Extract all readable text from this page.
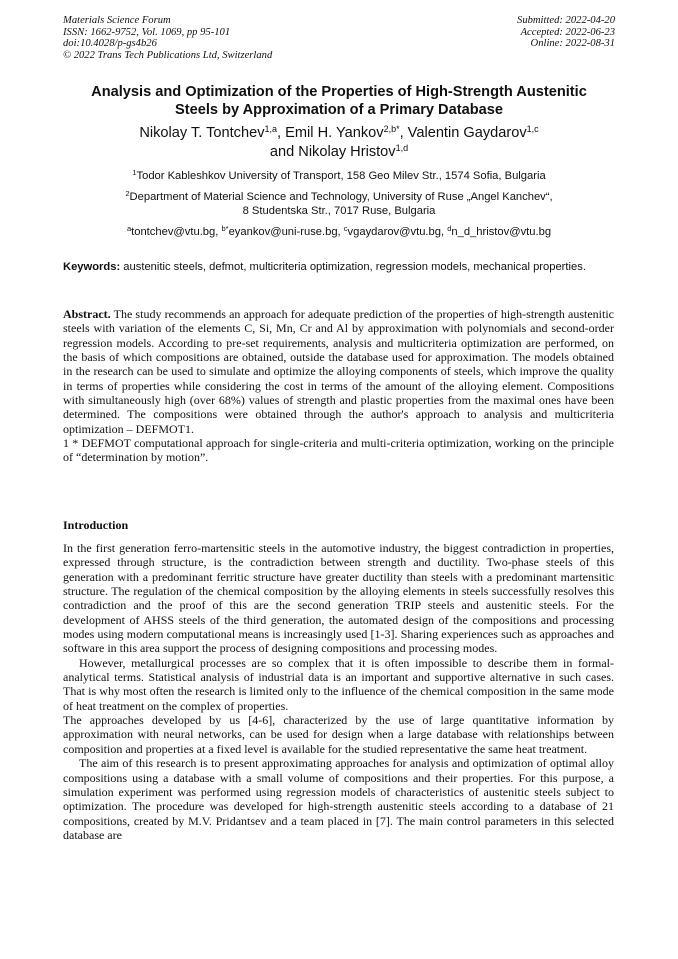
Materials Science Forum
ISSN: 1662-9752, Vol. 1069, pp 95-101
doi:10.4028/p-gs4b26
© 2022 Trans Tech Publications Ltd, Switzerland
Submitted: 2022-04-20
Accepted: 2022-06-23
Online: 2022-08-31
Analysis and Optimization of the Properties of High-Strength Austenitic
Steels by Approximation of a Primary Database
Nikolay T. Tontchev$^{1,a}$, Emil H. Yankov$^{2,b*}$, Valentin Gaydarov$^{1,c}$
and Nikolay Hristov$^{1,d}$
$^1$Todor Kableshkov University of Transport, 158 Geo Milev Str., 1574 Sofia, Bulgaria
$^2$Department of Material Science and Technology, University of Ruse „Angel Kanchev“,
8 Studentska Str., 7017 Ruse, Bulgaria
$^a$tontchev@vtu.bg, $^{b*}$eyankov@uni-ruse.bg, $^c$vgaydarov@vtu.bg, $^d$n_d_hristov@vtu.bg
Keywords: austenitic steels, defmot, multicriteria optimization, regression models, mechanical properties.

Abstract. The study recommends an approach for adequate prediction of the properties of high-strength austenitic steels with variation of the elements C, Si, Mn, Cr and Al by approximation with polynomials and second-order regression models. According to pre-set requirements, analysis and multicriteria optimization are performed, on the basis of which compositions are obtained, outside the database used for approximation. The models obtained in the research can be used to simulate and optimize the alloying components of steels, which improve the quality in terms of properties while considering the cost in terms of the amount of the alloying element. Compositions with simultaneously high (over 68%) values of strength and plastic properties from the maximal ones have been determined. The compositions were obtained through the author's approach to analysis and multicriteria optimization – DEFMOT1.

1 * DEFMOT computational approach for single-criteria and multi-criteria optimization, working on the principle of “determination by motion”.

Introduction

In the first generation ferro-martensitic steels in the automotive industry, the biggest contradiction in properties, expressed through structure, is the contradiction between strength and ductility. Two-phase steels of this generation with a predominant ferritic structure have greater ductility than steels with a predominant martensitic structure. The regulation of the chemical composition by the alloying elements in steels successfully resolves this contradiction and the proof of this are the second generation TRIP steels and austenitic steels. For the development of AHSS steels of the third generation, the automated design of the compositions and processing modes using modern computational means is increasingly used [1-3]. Sharing experiences such as approaches and software in this area support the process of designing compositions and processing modes.

However, metallurgical processes are so complex that it is often impossible to describe them in formal-analytical terms. Statistical analysis of industrial data is an important and supportive alternative in such cases. That is why most often the research is limited only to the influence of the chemical composition in the same mode of heat treatment on the complex of properties.

The approaches developed by us [4-6], characterized by the use of large quantitative information by approximation with neural networks, can be used for design when a large database with relationships between composition and properties at a fixed level is available for the studied representative the same heat treatment.

The aim of this research is to present approximating approaches for analysis and optimization of optimal alloy compositions using a database with a small volume of compositions and their properties. For this purpose, a simulation experiment was performed using regression models of characteristics of austenitic steels subject to optimization. The procedure was developed for high-strength austenitic steels according to a database of 21 compositions, created by M.V. Pridantsev and a team placed in [7]. The main control parameters in this selected database are
